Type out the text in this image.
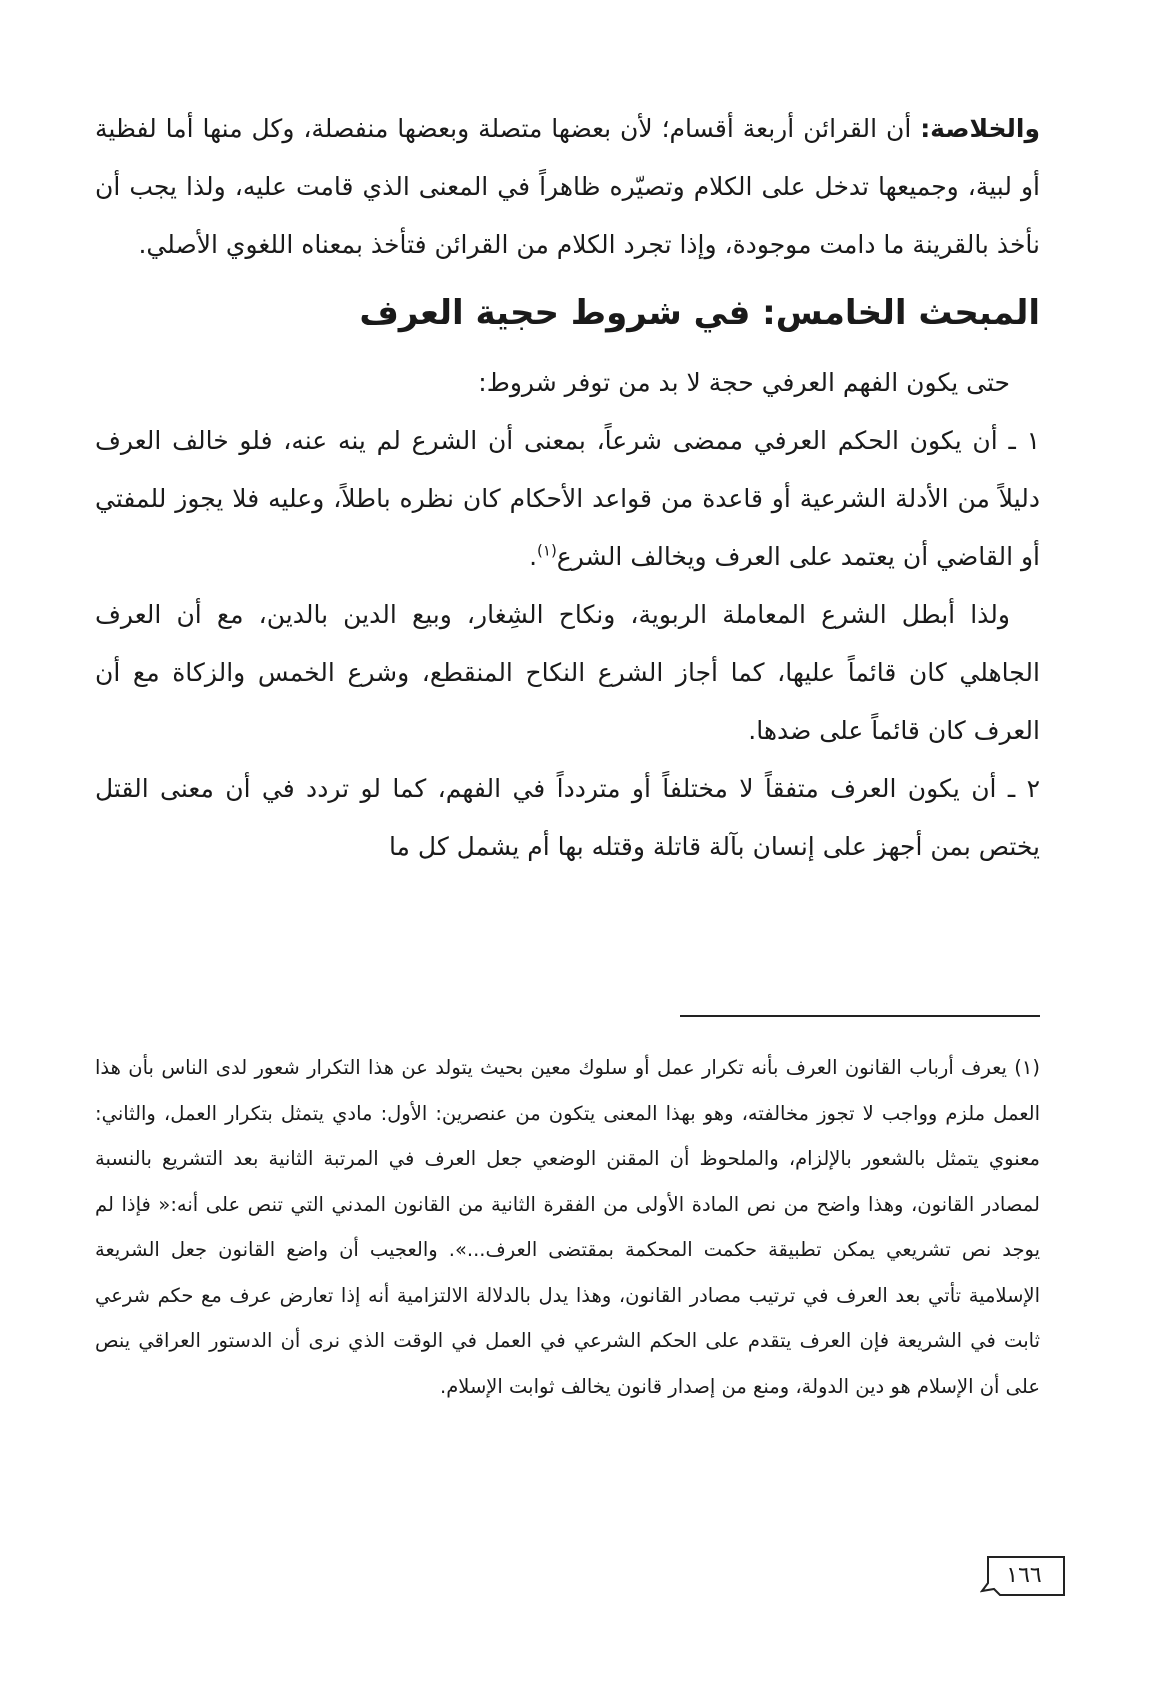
والخلاصة: أن القرائن أربعة أقسام؛ لأن بعضها متصلة وبعضها منفصلة، وكل منها أما لفظية أو لبية، وجميعها تدخل على الكلام وتصيّره ظاهراً في المعنى الذي قامت عليه، ولذا يجب أن نأخذ بالقرينة ما دامت موجودة، وإذا تجرد الكلام من القرائن فتأخذ بمعناه اللغوي الأصلي.

المبحث الخامس: في شروط حجية العرف

حتى يكون الفهم العرفي حجة لا بد من توفر شروط:

١ ـ أن يكون الحكم العرفي ممضى شرعاً، بمعنى أن الشرع لم ينه عنه، فلو خالف العرف دليلاً من الأدلة الشرعية أو قاعدة من قواعد الأحكام كان نظره باطلاً، وعليه فلا يجوز للمفتي أو القاضي أن يعتمد على العرف ويخالف الشرع$^{(١)}$.

ولذا أبطل الشرع المعاملة الربوية، ونكاح الشِغار، وبيع الدين بالدين، مع أن العرف الجاهلي كان قائماً عليها، كما أجاز الشرع النكاح المنقطع، وشرع الخمس والزكاة مع أن العرف كان قائماً على ضدها.

٢ ـ أن يكون العرف متفقاً لا مختلفاً أو متردداً في الفهم، كما لو تردد في أن معنى القتل يختص بمن أجهز على إنسان بآلة قاتلة وقتله بها أم يشمل كل ما

(١) يعرف أرباب القانون العرف بأنه تكرار عمل أو سلوك معين بحيث يتولد عن هذا التكرار شعور لدى الناس بأن هذا العمل ملزم وواجب لا تجوز مخالفته، وهو بهذا المعنى يتكون من عنصرين: الأول: مادي يتمثل بتكرار العمل، والثاني: معنوي يتمثل بالشعور بالإلزام، والملحوظ أن المقنن الوضعي جعل العرف في المرتبة الثانية بعد التشريع بالنسبة لمصادر القانون، وهذا واضح من نص المادة الأولى من الفقرة الثانية من القانون المدني التي تنص على أنه:« فإذا لم يوجد نص تشريعي يمكن تطبيقة حكمت المحكمة بمقتضى العرف...». والعجيب أن واضع القانون جعل الشريعة الإسلامية تأتي بعد العرف في ترتيب مصادر القانون، وهذا يدل بالدلالة الالتزامية أنه إذا تعارض عرف مع حكم شرعي ثابت في الشريعة فإن العرف يتقدم على الحكم الشرعي في العمل في الوقت الذي نرى أن الدستور العراقي ينص على أن الإسلام هو دين الدولة، ومنع من إصدار قانون يخالف ثوابت الإسلام.

١٦٦
